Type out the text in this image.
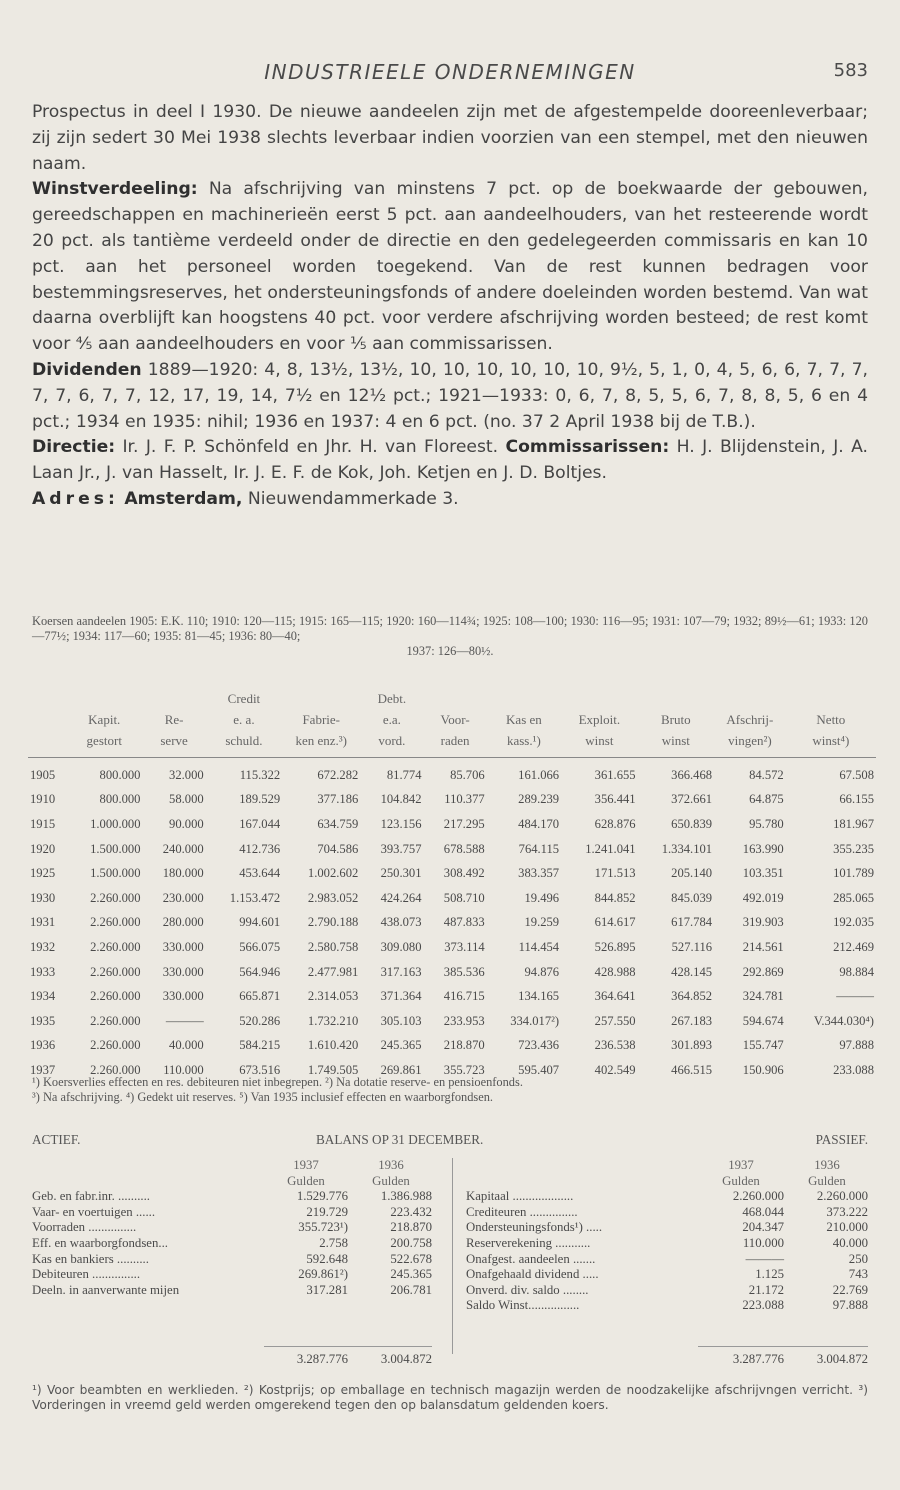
INDUSTRIEELE ONDERNEMINGEN	583

Prospectus in deel I 1930. De nieuwe aandeelen zijn met de afgestempelde dooreenleverbaar; zij zijn sedert 30 Mei 1938 slechts leverbaar indien voorzien van een stempel, met den nieuwen naam.

Winstverdeeling: Na afschrijving van minstens 7 pct. op de boekwaarde der gebouwen, gereedschappen en machinerieën eerst 5 pct. aan aandeelhouders, van het resteerende wordt 20 pct. als tantième verdeeld onder de directie en den gedelegeerden commissaris en kan 10 pct. aan het personeel worden toegekend. Van de rest kunnen bedragen voor bestemmingsreserves, het ondersteuningsfonds of andere doeleinden worden bestemd. Van wat daarna overblijft kan hoogstens 40 pct. voor verdere afschrijving worden besteed; de rest komt voor ⅘ aan aandeelhouders en voor ⅕ aan commissarissen.

Dividenden 1889—1920: 4, 8, 13½, 13½, 10, 10, 10, 10, 10, 10, 9½, 5, 1, 0, 4, 5, 6, 6, 7, 7, 7, 7, 7, 6, 7, 7, 12, 17, 19, 14, 7½ en 12½ pct.; 1921—1933: 0, 6, 7, 8, 5, 5, 6, 7, 8, 8, 5, 6 en 4 pct.; 1934 en 1935: nihil; 1936 en 1937: 4 en 6 pct. (no. 37 2 April 1938 bij de T.B.).

Directie: Ir. J. F. P. Schönfeld en Jhr. H. van Floreest. Commissarissen: H. J. Blijdenstein, J. A. Laan Jr., J. van Hasselt, Ir. J. E. F. de Kok, Joh. Ketjen en J. D. Boltjes.

Adres: Amsterdam, Nieuwendammerkade 3.

Koersen aandeelen 1905: E.K. 110; 1910: 120—115; 1915: 165—115; 1920: 160—114¾; 1925: 108—100; 1930: 116—95; 1931: 107—79; 1932; 89½—61; 1933: 120—77½; 1934: 117—60; 1935: 81—45; 1936: 80—40;
1937: 126—80½.
			Credit		Debt.						
	Kapit.	Re-	e. a.	Fabrie-	e.a.	Voor-	Kas en	Exploit.	Bruto	Afschrij-	Netto
	gestort	serve	schuld.	ken enz.³)	vord.	raden	kass.¹)	winst	winst	vingen²)	winst⁴)

1905	800.000	32.000	115.322	672.282	81.774	85.706	161.066	361.655	366.468	84.572	67.508
1910	800.000	58.000	189.529	377.186	104.842	110.377	289.239	356.441	372.661	64.875	66.155
1915	1.000.000	90.000	167.044	634.759	123.156	217.295	484.170	628.876	650.839	95.780	181.967
1920	1.500.000	240.000	412.736	704.586	393.757	678.588	764.115	1.241.041	1.334.101	163.990	355.235
1925	1.500.000	180.000	453.644	1.002.602	250.301	308.492	383.357	171.513	205.140	103.351	101.789
1930	2.260.000	230.000	1.153.472	2.983.052	424.264	508.710	19.496	844.852	845.039	492.019	285.065
1931	2.260.000	280.000	994.601	2.790.188	438.073	487.833	19.259	614.617	617.784	319.903	192.035
1932	2.260.000	330.000	566.075	2.580.758	309.080	373.114	114.454	526.895	527.116	214.561	212.469
1933	2.260.000	330.000	564.946	2.477.981	317.163	385.536	94.876	428.988	428.145	292.869	98.884
1934	2.260.000	330.000	665.871	2.314.053	371.364	416.715	134.165	364.641	364.852	324.781	———
1935	2.260.000	———	520.286	1.732.210	305.103	233.953	334.017²)	257.550	267.183	594.674	V.344.030⁴)
1936	2.260.000	40.000	584.215	1.610.420	245.365	218.870	723.436	236.538	301.893	155.747	97.888
1937	2.260.000	110.000	673.516	1.749.505	269.861	355.723	595.407	402.549	466.515	150.906	233.088
¹) Koersverlies effecten en res. debiteuren niet inbegrepen. ²) Na dotatie reserve- en pensioenfonds.
³) Na afschrijving. ⁴) Gedekt uit reserves. ⁵) Van 1935 inclusief effecten en waarborgfondsen.
ACTIEF.	BALANS OP 31 DECEMBER.	PASSIEF.
1937	1936
Gulden	Gulden
Geb. en fabr.inr. ..........	1.529.776	1.386.988
Vaar- en voertuigen ......	219.729	223.432
Voorraden ...............	355.723¹)	218.870
Eff. en waarborgfondsen...	2.758	200.758
Kas en bankiers ..........	592.648	522.678
Debiteuren ...............	269.861²)	245.365
Deeln. in aanverwante mijen	317.281	206.781
1937	1936
Gulden	Gulden
Kapitaal ...................	2.260.000	2.260.000
Crediteuren ...............	468.044	373.222
Ondersteuningsfonds¹) .....	204.347	210.000
Reserverekening ...........	110.000	40.000
Onafgest. aandeelen .......	———	250
Onafgehaald dividend .....	1.125	743
Onverd. div. saldo ........	21.172	22.769
Saldo Winst................	223.088	97.888
3.287.776	3.004.872	3.287.776	3.004.872
¹) Voor beambten en werklieden. ²) Kostprijs; op emballage en technisch magazijn werden de noodzakelijke afschrijvngen verricht. ³) Vorderingen in vreemd geld werden omgerekend tegen den op balansdatum geldenden koers.
